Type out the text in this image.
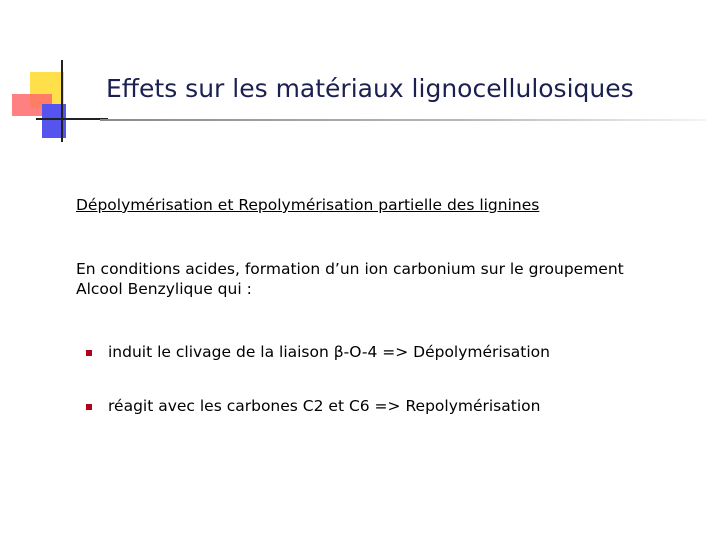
Effets sur les matériaux lignocellulosiques
Dépolymérisation et Repolymérisation partielle des lignines
En conditions acides, formation d’un ion carbonium sur le groupement
Alcool Benzylique qui :
induit le clivage de la liaison β-O-4 => Dépolymérisation
réagit avec les carbones C2 et C6 => Repolymérisation
